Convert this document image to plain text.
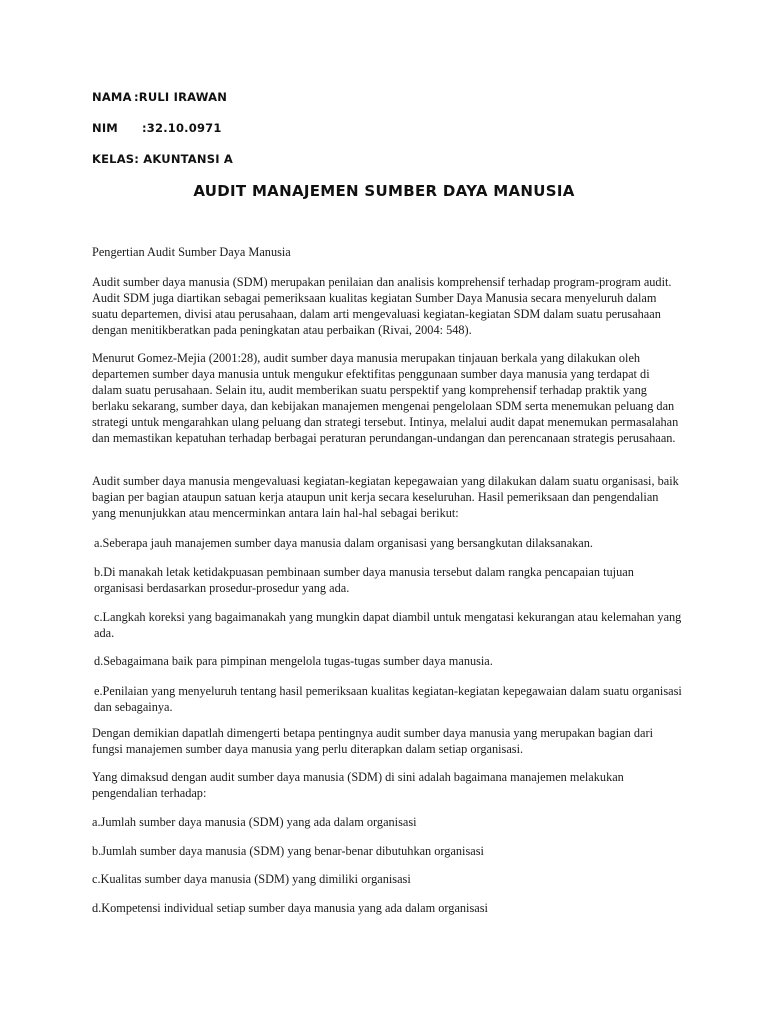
NAMA :RULI IRAWAN
NIM :32.10.0971
KELAS: AKUNTANSI A
AUDIT MANAJEMEN SUMBER DAYA MANUSIA

Pengertian Audit Sumber Daya Manusia

Audit sumber daya manusia (SDM) merupakan penilaian dan analisis komprehensif terhadap program-program audit. Audit SDM juga diartikan sebagai pemeriksaan kualitas kegiatan Sumber Daya Manusia secara menyeluruh dalam suatu departemen, divisi atau perusahaan, dalam arti mengevaluasi kegiatan-kegiatan SDM dalam suatu perusahaan dengan menitikberatkan pada peningkatan atau perbaikan (Rivai, 2004: 548).

Menurut Gomez-Mejia (2001:28), audit sumber daya manusia merupakan tinjauan berkala yang dilakukan oleh departemen sumber daya manusia untuk mengukur efektifitas penggunaan sumber daya manusia yang terdapat di dalam suatu perusahaan. Selain itu, audit memberikan suatu perspektif yang komprehensif terhadap praktik yang berlaku sekarang, sumber daya, dan kebijakan manajemen mengenai pengelolaan SDM serta menemukan peluang dan strategi untuk mengarahkan ulang peluang dan strategi tersebut. Intinya, melalui audit dapat menemukan permasalahan dan memastikan kepatuhan terhadap berbagai peraturan perundangan-undangan dan perencanaan strategis perusahaan.

Audit sumber daya manusia mengevaluasi kegiatan-kegiatan kepegawaian yang dilakukan dalam suatu organisasi, baik bagian per bagian ataupun satuan kerja ataupun unit kerja secara keseluruhan. Hasil pemeriksaan dan pengendalian yang menunjukkan atau mencerminkan antara lain hal-hal sebagai berikut:

a.Seberapa jauh manajemen sumber daya manusia dalam organisasi yang bersangkutan dilaksanakan.

b.Di manakah letak ketidakpuasan pembinaan sumber daya manusia tersebut dalam rangka pencapaian tujuan organisasi berdasarkan prosedur-prosedur yang ada.

c.Langkah koreksi yang bagaimanakah yang mungkin dapat diambil untuk mengatasi kekurangan atau kelemahan yang ada.

d.Sebagaimana baik para pimpinan mengelola tugas-tugas sumber daya manusia.

e.Penilaian yang menyeluruh tentang hasil pemeriksaan kualitas kegiatan-kegiatan kepegawaian dalam suatu organisasi dan sebagainya.

Dengan demikian dapatlah dimengerti betapa pentingnya audit sumber daya manusia yang merupakan bagian dari fungsi manajemen sumber daya manusia yang perlu diterapkan dalam setiap organisasi.

Yang dimaksud dengan audit sumber daya manusia (SDM) di sini adalah bagaimana manajemen melakukan pengendalian terhadap:

a.Jumlah sumber daya manusia (SDM) yang ada dalam organisasi

b.Jumlah sumber daya manusia (SDM) yang benar-benar dibutuhkan organisasi

c.Kualitas sumber daya manusia (SDM) yang dimiliki organisasi

d.Kompetensi individual setiap sumber daya manusia yang ada dalam organisasi
